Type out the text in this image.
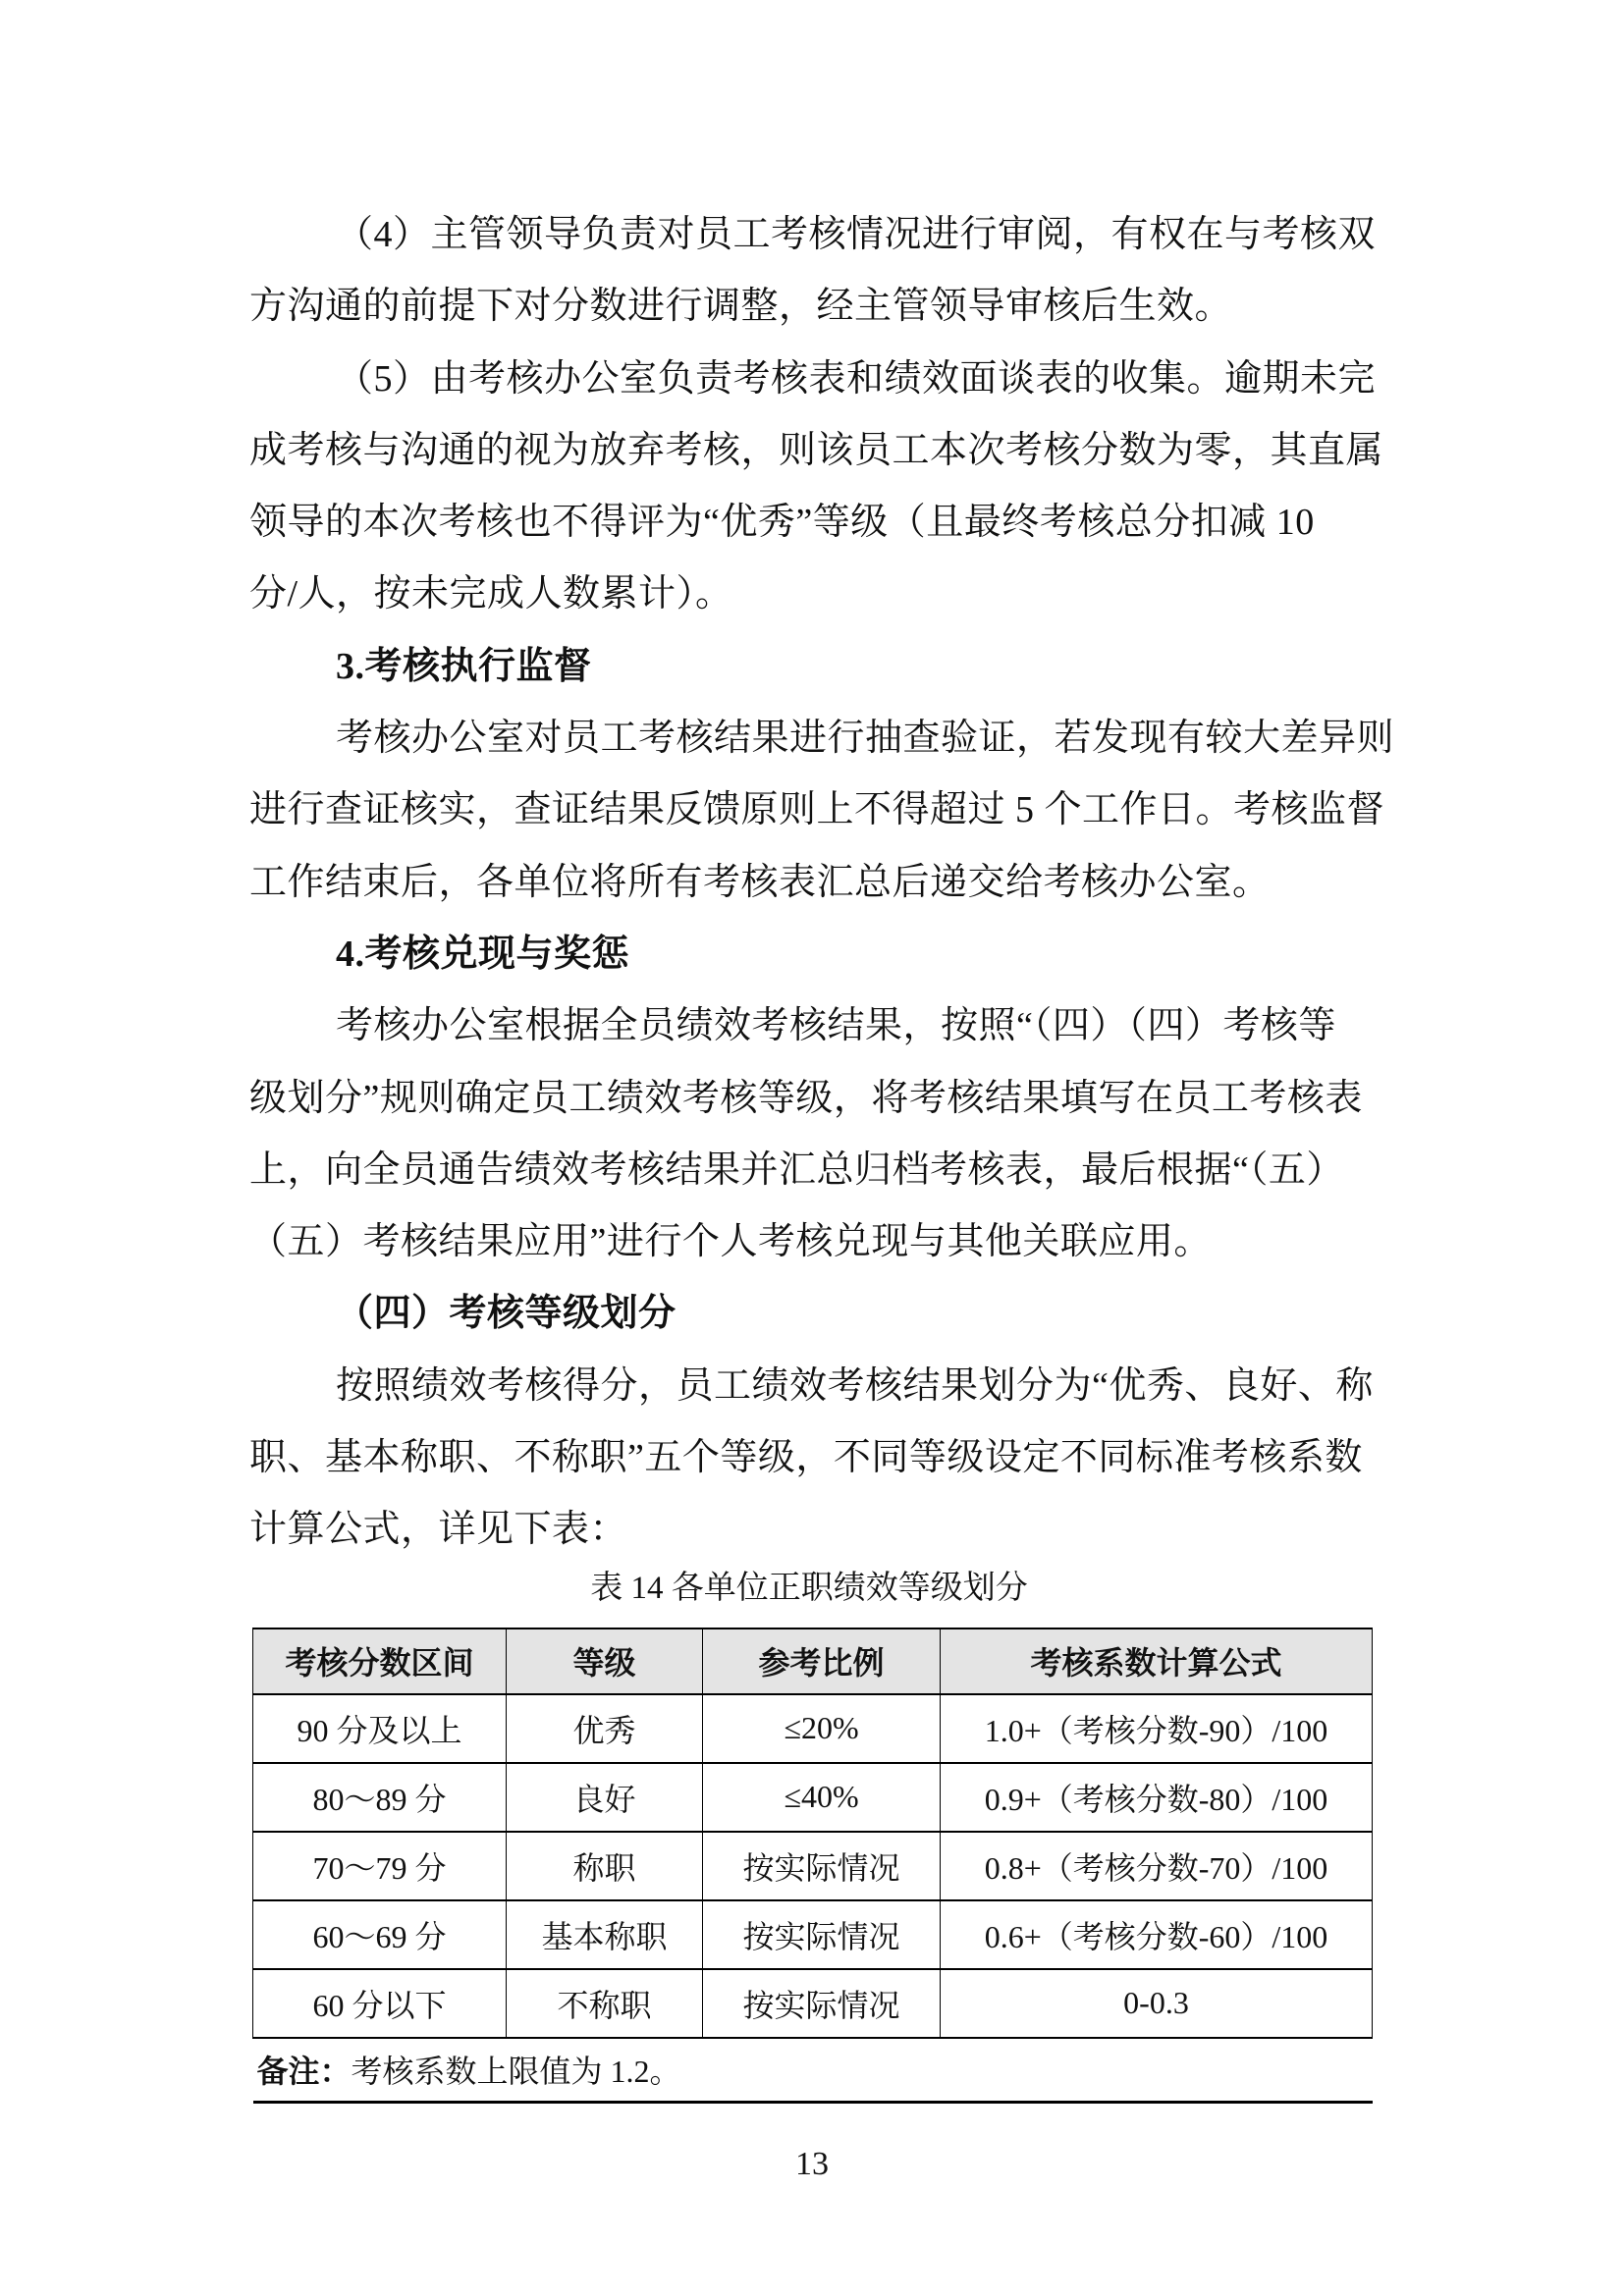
（4）主管领导负责对员工考核情况进行审阅，有权在与考核双
方沟通的前提下对分数进行调整，经主管领导审核后生效。
（5）由考核办公室负责考核表和绩效面谈表的收集。逾期未完
成考核与沟通的视为放弃考核，则该员工本次考核分数为零，其直属
领导的本次考核也不得评为“优秀”等级（且最终考核总分扣减 10
分/人，按未完成人数累计）。
3.考核执行监督
考核办公室对员工考核结果进行抽查验证，若发现有较大差异则
进行查证核实，查证结果反馈原则上不得超过 5 个工作日。考核监督
工作结束后，各单位将所有考核表汇总后递交给考核办公室。
4.考核兑现与奖惩
考核办公室根据全员绩效考核结果，按照“（四）（四）考核等
级划分”规则确定员工绩效考核等级，将考核结果填写在员工考核表
上，向全员通告绩效考核结果并汇总归档考核表，最后根据“（五）
（五）考核结果应用”进行个人考核兑现与其他关联应用。
（四）考核等级划分
按照绩效考核得分，员工绩效考核结果划分为“优秀、良好、称
职、基本称职、不称职”五个等级，不同等级设定不同标准考核系数
计算公式，详见下表：
表 14 各单位正职绩效等级划分
考核分数区间	等级	参考比例	考核系数计算公式
90 分及以上	优秀	≤20%	1.0+（考核分数-90）/100
80～89 分	良好	≤40%	0.9+（考核分数-80）/100
70～79 分	称职	按实际情况	0.8+（考核分数-70）/100
60～69 分	基本称职	按实际情况	0.6+（考核分数-60）/100
60 分以下	不称职	按实际情况	0-0.3
备注：考核系数上限值为 1.2。			
13
